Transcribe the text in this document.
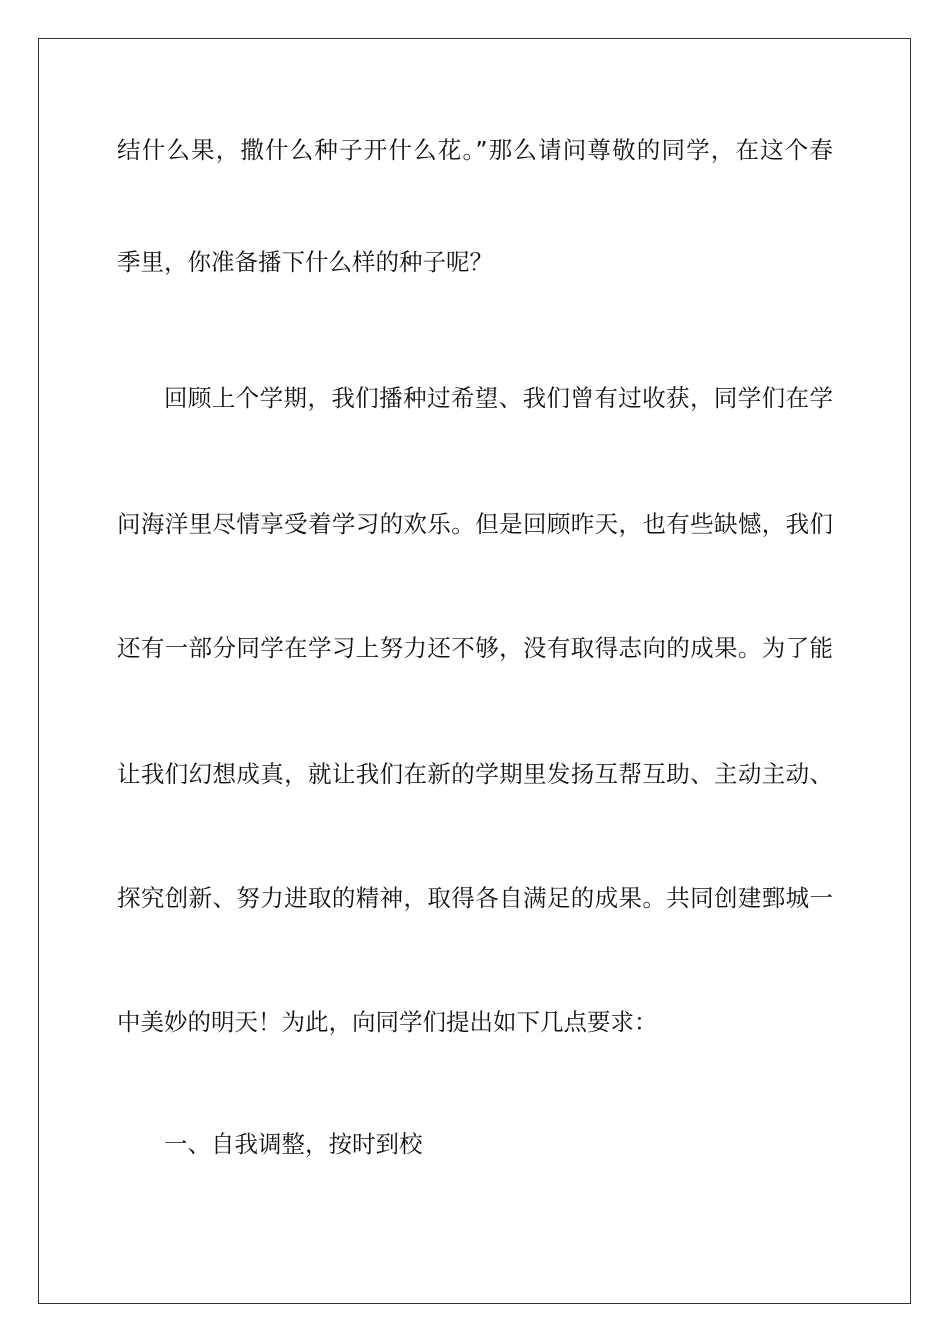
结什么果，撒什么种子开什么花。”那么请问尊敬的同学，在这个春
季里，你准备播下什么样的种子呢？
回顾上个学期，我们播种过希望、我们曾有过收获，同学们在学
问海洋里尽情享受着学习的欢乐。但是回顾昨天，也有些缺憾，我们
还有一部分同学在学习上努力还不够，没有取得志向的成果。为了能
让我们幻想成真，就让我们在新的学期里发扬互帮互助、主动主动、
探究创新、努力进取的精神，取得各自满足的成果。共同创建鄄城一
中美妙的明天！为此，向同学们提出如下几点要求：
一、自我调整，按时到校
